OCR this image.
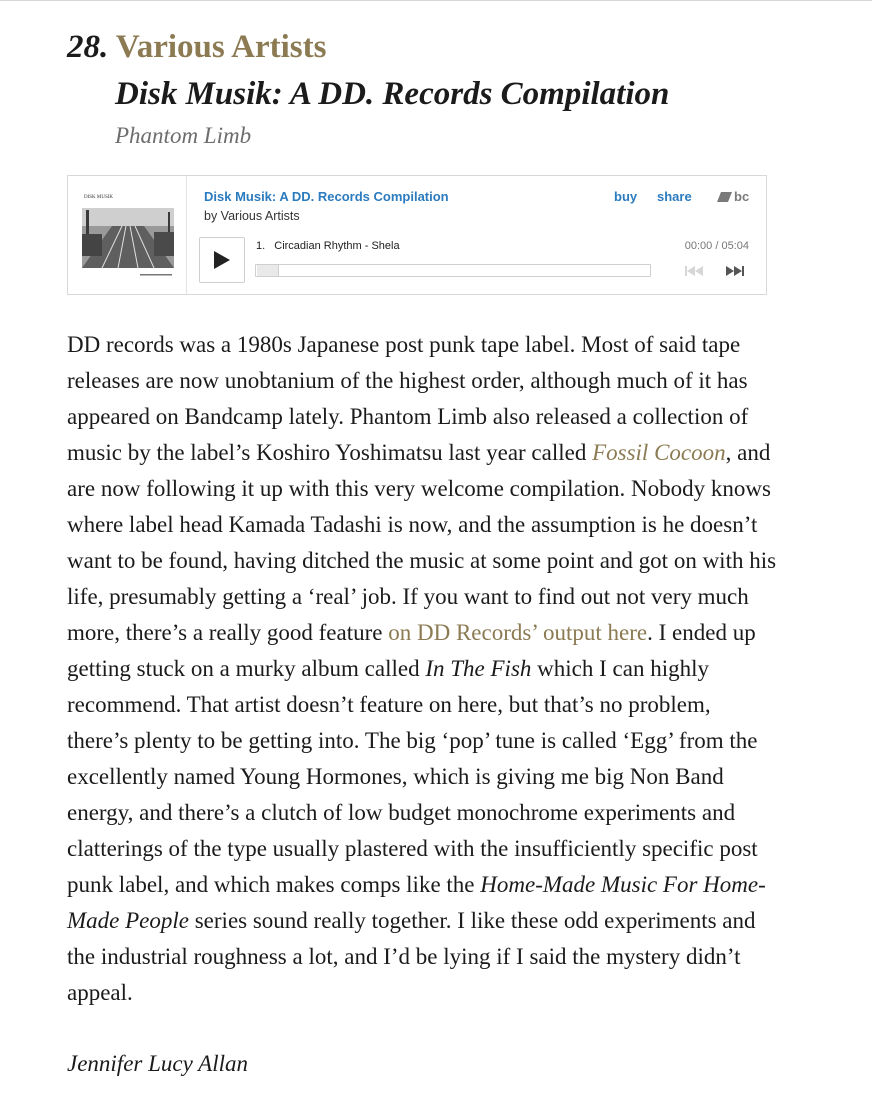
28. Various Artists
Disk Musik: A DD. Records Compilation
Phantom Limb
DISK MUSIK	Disk Musik: A DD. Records Compilation
by Various Artists
buy share	bc
1. Circadian Rhythm - Shela	00:00 / 05:04

DD records was a 1980s Japanese post punk tape label. Most of said tape releases are now unobtanium of the highest order, although much of it has appeared on Bandcamp lately. Phantom Limb also released a collection of music by the label’s Koshiro Yoshimatsu last year called Fossil Cocoon, and are now following it up with this very welcome compilation. Nobody knows where label head Kamada Tadashi is now, and the assumption is he doesn’t want to be found, having ditched the music at some point and got on with his life, presumably getting a ‘real’ job. If you want to find out not very much more, there’s a really good feature on DD Records’ output here. I ended up getting stuck on a murky album called In The Fish which I can highly recommend. That artist doesn’t feature on here, but that’s no problem, there’s plenty to be getting into. The big ‘pop’ tune is called ‘Egg’ from the excellently named Young Hormones, which is giving me big Non Band energy, and there’s a clutch of low budget monochrome experiments and clatterings of the type usually plastered with the insufficiently specific post punk label, and which makes comps like the Home-Made Music For Home-Made People series sound really together. I like these odd experiments and the industrial roughness a lot, and I’d be lying if I said the mystery didn’t appeal.

Jennifer Lucy Allan
